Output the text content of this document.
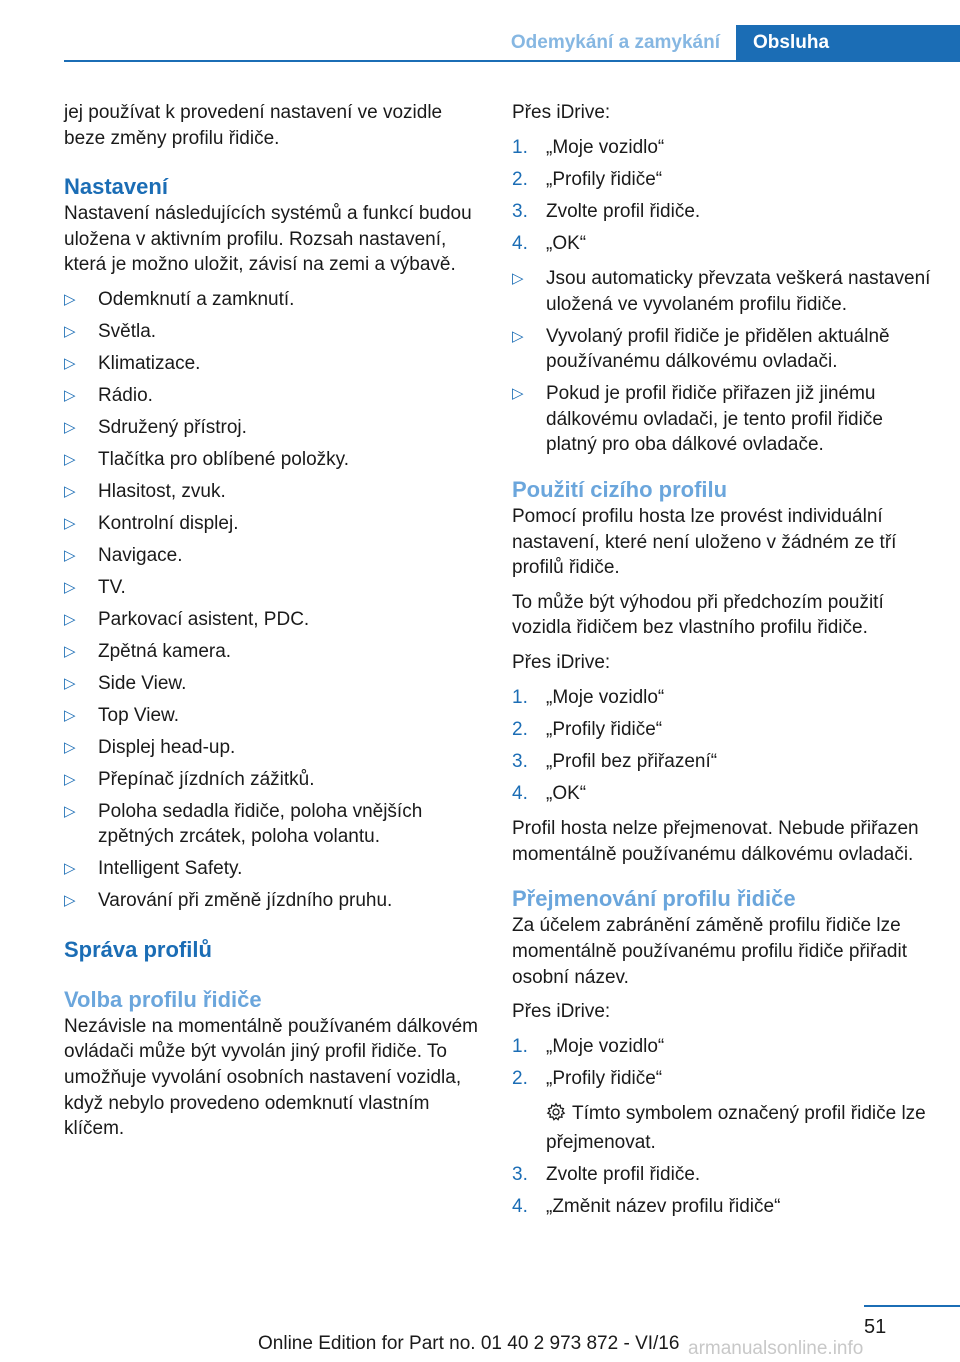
Odemykání a zamykání	Obsluha

jej používat k provedení nastavení ve vozidle beze změny profilu řidiče.

Nastavení

Nastavení následujících systémů a funkcí budou uložena v aktivním profilu. Rozsah nastavení, která je možno uložit, závisí na zemi a výbavě.

▷ Odemknutí a zamknutí.
▷ Světla.
▷ Klimatizace.
▷ Rádio.
▷ Sdružený přístroj.
▷ Tlačítka pro oblíbené položky.
▷ Hlasitost, zvuk.
▷ Kontrolní displej.
▷ Navigace.
▷ TV.
▷ Parkovací asistent, PDC.
▷ Zpětná kamera.
▷ Side View.
▷ Top View.
▷ Displej head-up.
▷ Přepínač jízdních zážitků.
▷ Poloha sedadla řidiče, poloha vnějších zpětných zrcátek, poloha volantu.
▷ Intelligent Safety.
▷ Varování při změně jízdního pruhu.
Správa profilů
Volba profilu řidiče

Nezávisle na momentálně používaném dálkovém ovládači může být vyvolán jiný profil řidiče. To umožňuje vyvolání osobních nastavení vozidla, když nebylo provedeno odemknutí vlastním klíčem.

Přes iDrive:

1. „Moje vozidlo“
2. „Profily řidiče“
3. Zvolte profil řidiče.
4. „OK“
▷ Jsou automaticky převzata veškerá nastavení uložená ve vyvolaném profilu řidiče.
▷ Vyvolaný profil řidiče je přidělen aktuálně používanému dálkovému ovladači.
▷ Pokud je profil řidiče přiřazen již jinému dálkovému ovladači, je tento profil řidiče platný pro oba dálkové ovladače.
Použití cizího profilu

Pomocí profilu hosta lze provést individuální nastavení, které není uloženo v žádném ze tří profilů řidiče.

To může být výhodou při předchozím použití vozidla řidičem bez vlastního profilu řidiče.

Přes iDrive:

1. „Moje vozidlo“
2. „Profily řidiče“
3. „Profil bez přiřazení“
4. „OK“

Profil hosta nelze přejmenovat. Nebude přiřazen momentálně používanému dálkovému ovladači.

Přejmenování profilu řidiče

Za účelem zabránění záměně profilu řidiče lze momentálně používanému profilu řidiče přiřadit osobní název.

Přes iDrive:

1. „Moje vozidlo“
2. „Profily řidiče“
Tímto symbolem označený profil řidiče lze přejmenovat.
3. Zvolte profil řidiče.
4. „Změnit název profilu řidiče“
51
Online Edition for Part no. 01 40 2 973 872 - VI/16 armanualsonline.info
